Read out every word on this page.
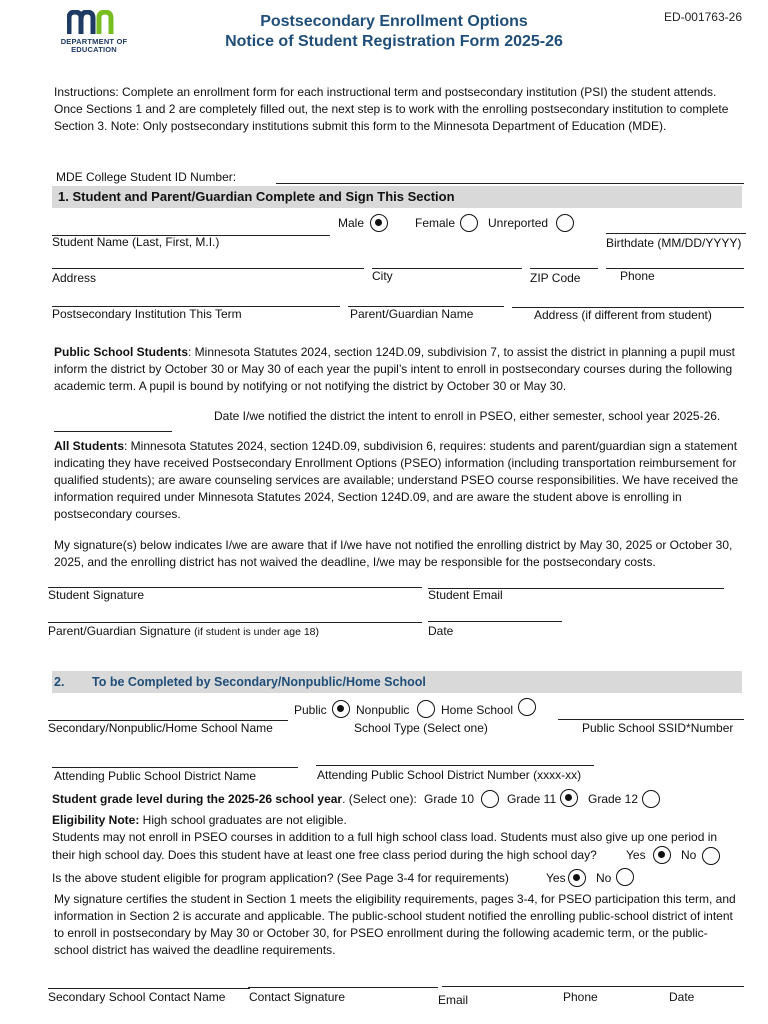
DEPARTMENT OF EDUCATION
Postsecondary Enrollment Options
Notice of Student Registration Form 2025-26
ED-001763-26
Instructions: Complete an enrollment form for each instructional term and postsecondary institution (PSI) the student attends. Once Sections 1 and 2 are completely filled out, the next step is to work with the enrolling postsecondary institution to complete Section 3. Note: Only postsecondary institutions submit this form to the Minnesota Department of Education (MDE).
MDE College Student ID Number:
1. Student and Parent/Guardian Complete and Sign This Section
Male	Female	Unreported
Student Name (Last, First, M.I.)	Birthdate (MM/DD/YYYY)
Address	City	ZIP Code	Phone
Postsecondary Institution This Term	Parent/Guardian Name	Address (if different from student)
Public School Students: Minnesota Statutes 2024, section 124D.09, subdivision 7, to assist the district in planning a pupil must inform the district by October 30 or May 30 of each year the pupil’s intent to enroll in postsecondary courses during the following academic term. A pupil is bound by notifying or not notifying the district by October 30 or May 30.
Date I/we notified the district the intent to enroll in PSEO, either semester, school year 2025-26.
All Students: Minnesota Statutes 2024, section 124D.09, subdivision 6, requires: students and parent/guardian sign a statement indicating they have received Postsecondary Enrollment Options (PSEO) information (including transportation reimbursement for qualified students); are aware counseling services are available; understand PSEO course responsibilities. We have received the information required under Minnesota Statutes 2024, Section 124D.09, and are aware the student above is enrolling in postsecondary courses.
My signature(s) below indicates I/we are aware that if I/we have not notified the enrolling district by May 30, 2025 or October 30, 2025, and the enrolling district has not waived the deadline, I/we may be responsible for the postsecondary costs.
Student Signature	Student Email
Parent/Guardian Signature (if student is under age 18)	Date
2. To be Completed by Secondary/Nonpublic/Home School
Public Nonpublic	Home School
Secondary/Nonpublic/Home School Name	School Type (Select one)	Public School SSID*Number
Attending Public School District Name	Attending Public School District Number (xxxx-xx)
Student grade level during the 2025-26 school year. (Select one): Grade 10	Grade 11	Grade 12
Eligibility Note: High school graduates are not eligible.
Students may not enroll in PSEO courses in addition to a full high school class load. Students must also give up one period in
their high school day. Does this student have at least one free class period during the high school day? Yes	No
Is the above student eligible for program application? (See Page 3-4 for requirements)	Yes	No
My signature certifies the student in Section 1 meets the eligibility requirements, pages 3-4, for PSEO participation this term, and information in Section 2 is accurate and applicable. The public-school student notified the enrolling public-school district of intent to enroll in postsecondary by May 30 or October 30, for PSEO enrollment during the following academic term, or the public-school district has waived the deadline requirements.
Secondary School Contact Name Contact Signature	Email	Phone	Date
